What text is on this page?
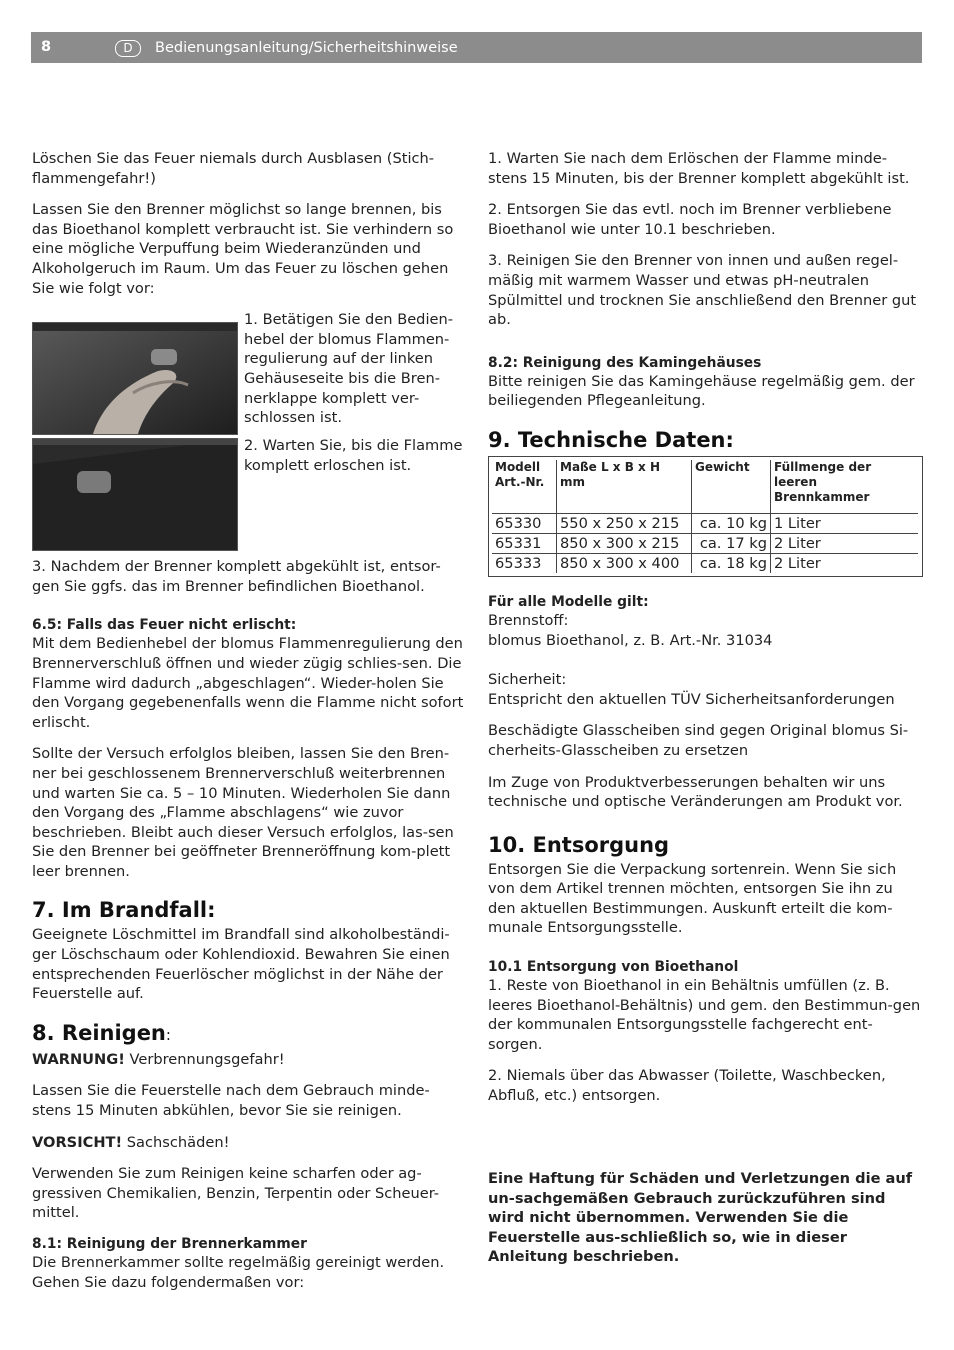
8	D	Bedienungsanleitung/Sicherheitshinweise

Löschen Sie das Feuer niemals durch Ausblasen (Stich-flammengefahr!)

Lassen Sie den Brenner möglichst so lange brennen, bis das Bioethanol komplett verbraucht ist. Sie verhindern so eine mögliche Verpuffung beim Wiederanzünden und Alkoholgeruch im Raum. Um das Feuer zu löschen gehen Sie wie folgt vor:

1. Betätigen Sie den Bedien-hebel der blomus Flammen-regulierung auf der linken Gehäuseseite bis die Bren-nerklappe komplett ver-schlossen ist.
2. Warten Sie, bis die Flamme komplett erloschen ist.

3. Nachdem der Brenner komplett abgekühlt ist, entsor-gen Sie ggfs. das im Brenner befindlichen Bioethanol.

6.5: Falls das Feuer nicht erlischt:

Mit dem Bedienhebel der blomus Flammenregulierung den Brennerverschluß öffnen und wieder zügig schlies-sen. Die Flamme wird dadurch „abgeschlagen“. Wieder-holen Sie den Vorgang gegebenenfalls wenn die Flamme nicht sofort erlischt.

Sollte der Versuch erfolglos bleiben, lassen Sie den Bren-ner bei geschlossenem Brennerverschluß weiterbrennen und warten Sie ca. 5 – 10 Minuten. Wiederholen Sie dann den Vorgang des „Flamme abschlagens“ wie zuvor beschrieben. Bleibt auch dieser Versuch erfolglos, las-sen Sie den Brenner bei geöffneter Brenneröffnung kom-plett leer brennen.

7. Im Brandfall:

Geeignete Löschmittel im Brandfall sind alkoholbeständi-ger Löschschaum oder Kohlendioxid. Bewahren Sie einen entsprechenden Feuerlöscher möglichst in der Nähe der Feuerstelle auf.

8. Reinigen:

WARNUNG! Verbrennungsgefahr!

Lassen Sie die Feuerstelle nach dem Gebrauch minde-stens 15 Minuten abkühlen, bevor Sie sie reinigen.

VORSICHT! Sachschäden!

Verwenden Sie zum Reinigen keine scharfen oder ag-gressiven Chemikalien, Benzin, Terpentin oder Scheuer-mittel.

8.1: Reinigung der Brennerkammer

Die Brennerkammer sollte regelmäßig gereinigt werden. Gehen Sie dazu folgendermaßen vor:

1. Warten Sie nach dem Erlöschen der Flamme minde-stens 15 Minuten, bis der Brenner komplett abgekühlt ist.

2. Entsorgen Sie das evtl. noch im Brenner verbliebene Bioethanol wie unter 10.1 beschrieben.

3. Reinigen Sie den Brenner von innen und außen regel-mäßig mit warmem Wasser und etwas pH-neutralen Spülmittel und trocknen Sie anschließend den Brenner gut ab.

8.2: Reinigung des Kamingehäuses

Bitte reinigen Sie das Kamingehäuse regelmäßig gem. der beiliegenden Pflegeanleitung.

9. Technische Daten:
Modell Art.-Nr.	Maße L x B x H mm	Gewicht	Füllmenge der leeren Brennkammer
65330	550 x 250 x 215	ca. 10 kg	1 Liter
65331	850 x 300 x 215	ca. 17 kg	2 Liter
65333	850 x 300 x 400	ca. 18 kg	2 Liter
Für alle Modelle gilt:
Brennstoff:

blomus Bioethanol, z. B. Art.-Nr. 31034

Sicherheit:

Entspricht den aktuellen TÜV Sicherheitsanforderungen

Beschädigte Glasscheiben sind gegen Original blomus Si-cherheits-Glasscheiben zu ersetzen

Im Zuge von Produktverbesserungen behalten wir uns technische und optische Veränderungen am Produkt vor.

10. Entsorgung

Entsorgen Sie die Verpackung sortenrein. Wenn Sie sich von dem Artikel trennen möchten, entsorgen Sie ihn zu den aktuellen Bestimmungen. Auskunft erteilt die kom-munale Entsorgungsstelle.

10.1 Entsorgung von Bioethanol

1. Reste von Bioethanol in ein Behältnis umfüllen (z. B. leeres Bioethanol-Behältnis) und gem. den Bestimmun-gen der kommunalen Entsorgungsstelle fachgerecht ent-sorgen.

2. Niemals über das Abwasser (Toilette, Waschbecken, Abfluß, etc.) entsorgen.

Eine Haftung für Schäden und Verletzungen die auf un-sachgemäßen Gebrauch zurückzuführen sind wird nicht übernommen. Verwenden Sie die Feuerstelle aus-schließlich so, wie in dieser Anleitung beschrieben.
